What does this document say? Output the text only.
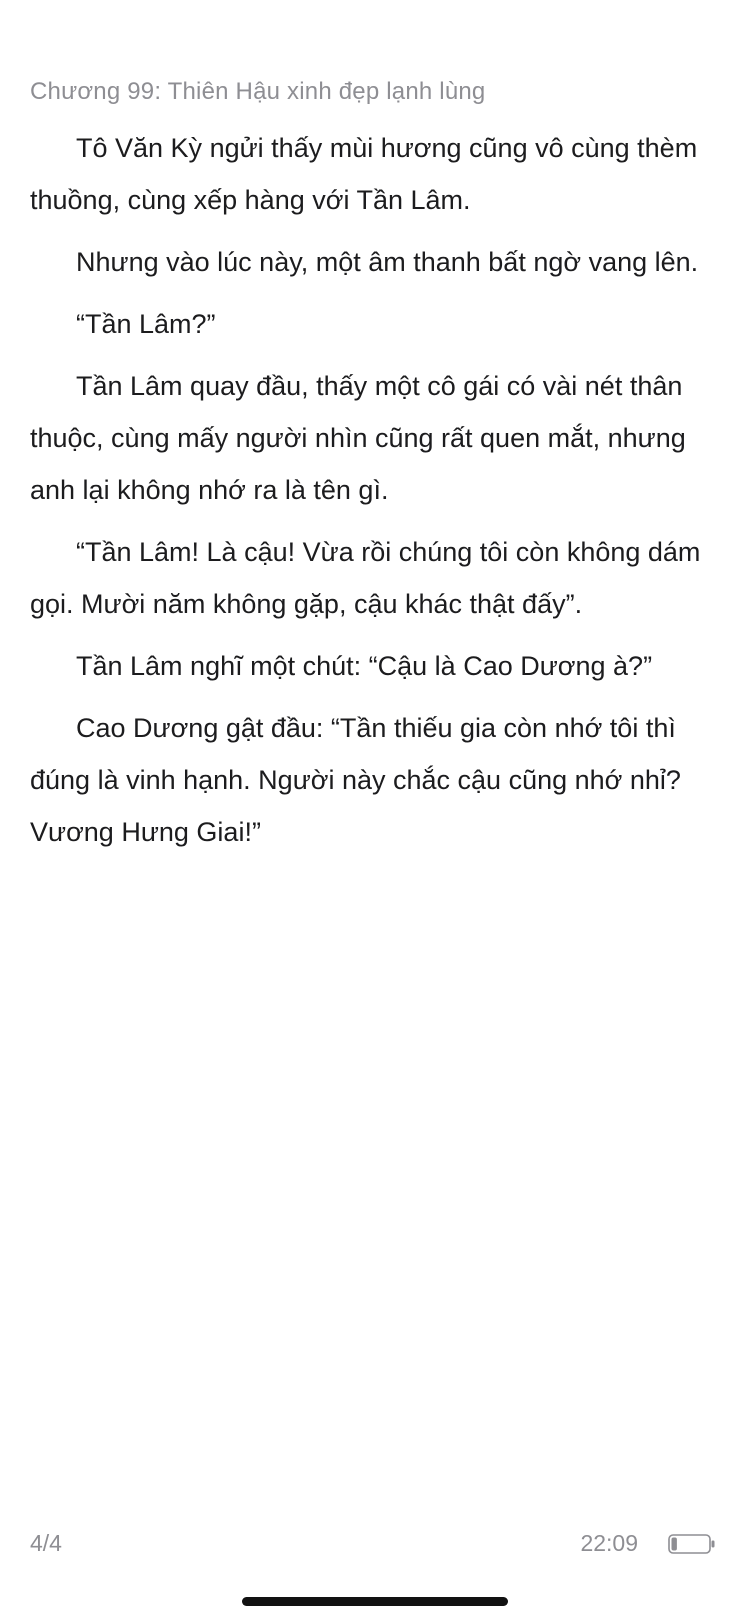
Chương 99: Thiên Hậu xinh đẹp lạnh lùng

Tô Văn Kỳ ngửi thấy mùi hương cũng vô cùng thèm thuồng, cùng xếp hàng với Tần Lâm.

Nhưng vào lúc này, một âm thanh bất ngờ vang lên.

“Tần Lâm?”

Tần Lâm quay đầu, thấy một cô gái có vài nét thân thuộc, cùng mấy người nhìn cũng rất quen mắt, nhưng anh lại không nhớ ra là tên gì.

“Tần Lâm! Là cậu! Vừa rồi chúng tôi còn không dám gọi. Mười năm không gặp, cậu khác thật đấy”.

Tần Lâm nghĩ một chút: “Cậu là Cao Dương à?”

Cao Dương gật đầu: “Tần thiếu gia còn nhớ tôi thì đúng là vinh hạnh. Người này chắc cậu cũng nhớ nhỉ? Vương Hưng Giai!”

4/4	22:09
